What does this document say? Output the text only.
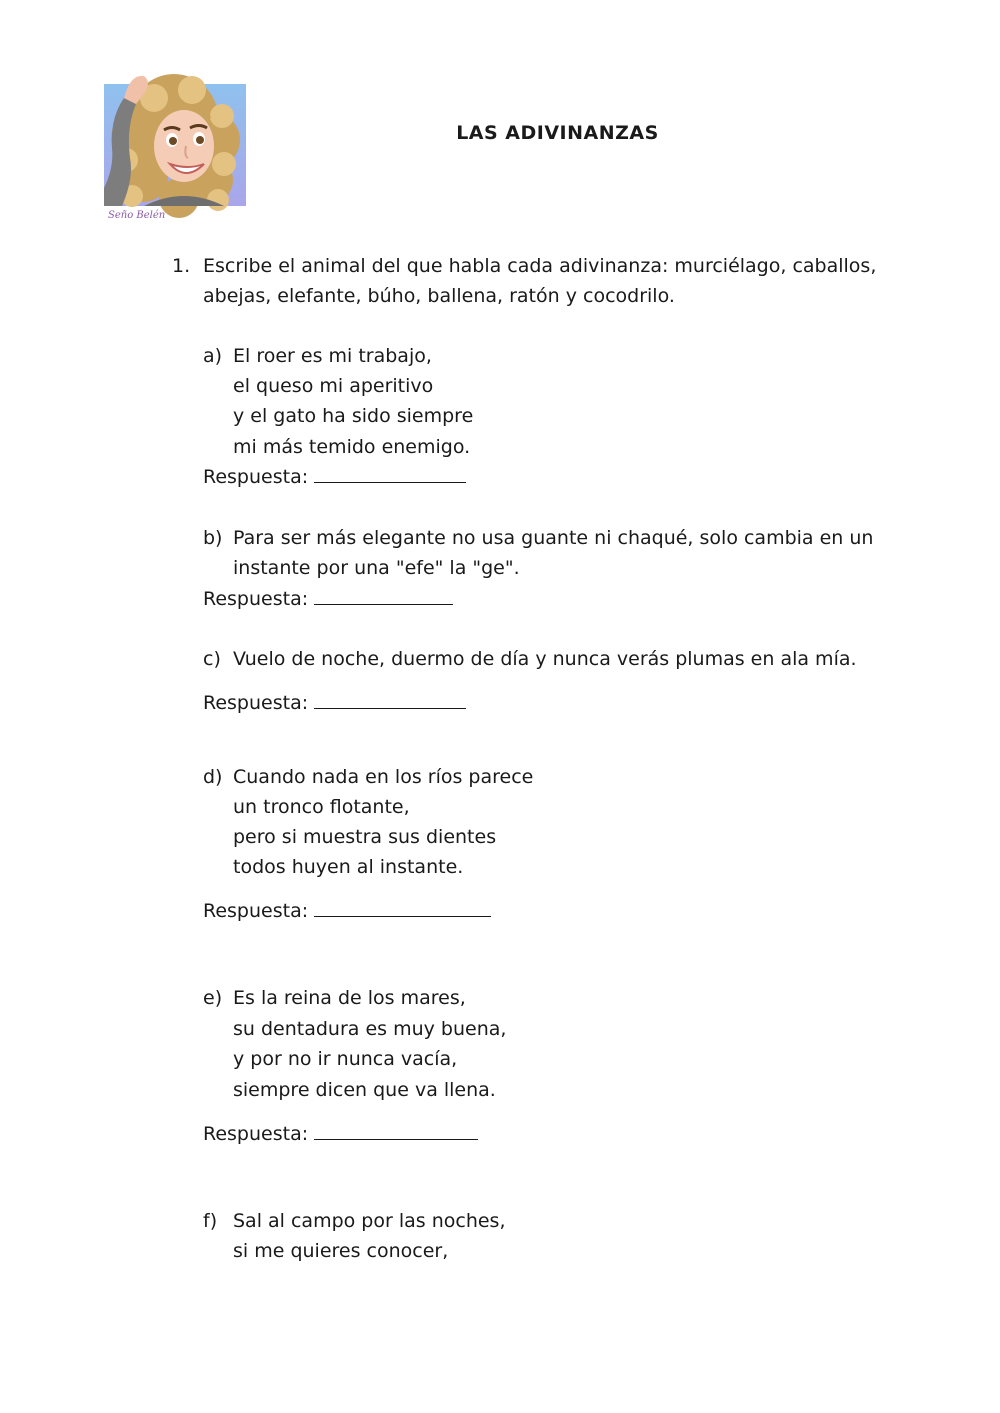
Seño Belén
LAS ADIVINANZAS
1. Escribe el animal del que habla cada adivinanza: murciélago, caballos,
abejas, elefante, búho, ballena, ratón y cocodrilo.
a) El roer es mi trabajo,
el queso mi aperitivo
y el gato ha sido siempre
mi más temido enemigo.
Respuesta:
b) Para ser más elegante no usa guante ni chaqué, solo cambia en un
instante por una "efe" la "ge".
Respuesta:
c) Vuelo de noche, duermo de día y nunca verás plumas en ala mía.
Respuesta:
d) Cuando nada en los ríos parece
un tronco flotante,
pero si muestra sus dientes
todos huyen al instante.
Respuesta:
e) Es la reina de los mares,
su dentadura es muy buena,
y por no ir nunca vacía,
siempre dicen que va llena.
Respuesta:
f) Sal al campo por las noches,
si me quieres conocer,
